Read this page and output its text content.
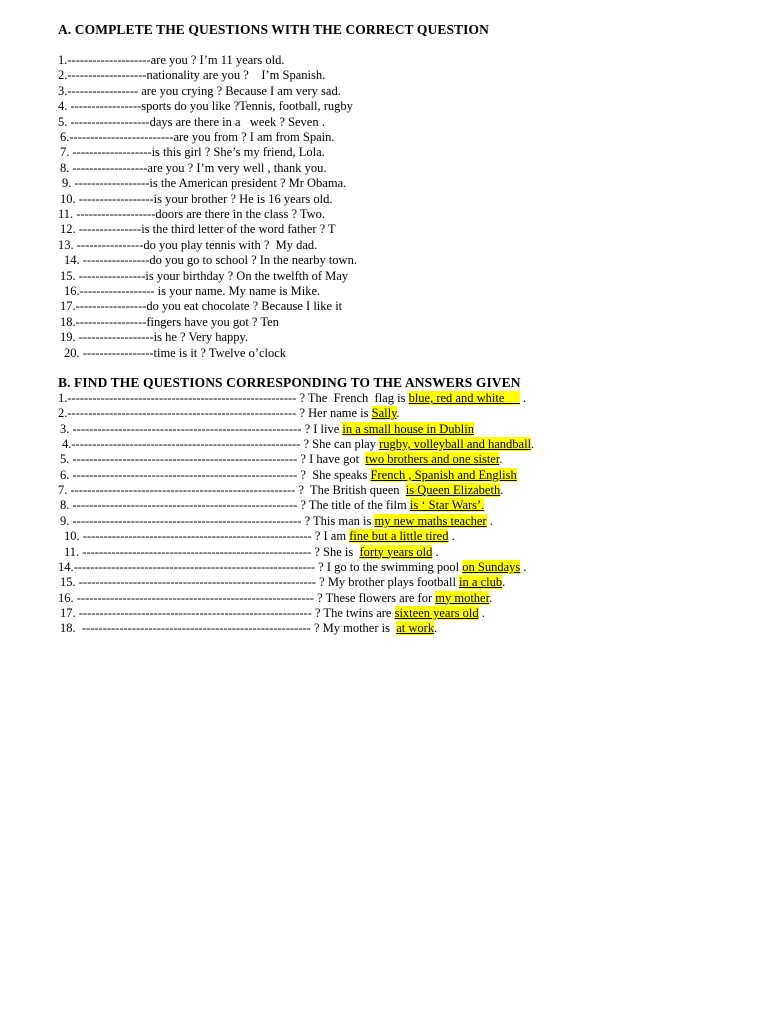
A. COMPLETE THE QUESTIONS WITH THE CORRECT QUESTION
1.--------------------are you ? I’m 11 years old.
2.-------------------nationality are you ?    I’m Spanish.
3.----------------- are you crying ? Because I am very sad.
4. -----------------sports do you like ?Tennis, football, rugby
5. -------------------days are there in a   week ? Seven .
6.-------------------------are you from ? I am from Spain.
7. -------------------is this girl ? She’s my friend, Lola.
8. ------------------are you ? I’m very well , thank you.
9. ------------------is the American president ? Mr Obama.
10. ------------------is your brother ? He is 16 years old.
11. -------------------doors are there in the class ? Two.
12. ---------------is the third letter of the word father ? T
13. ----------------do you play tennis with ?  My dad.
14. ----------------do you go to school ? In the nearby town.
15. ----------------is your birthday ? On the twelfth of May
16.------------------ is your name. My name is Mike.
17.-----------------do you eat chocolate ? Because I like it
18.-----------------fingers have you got ? Ten
19. ------------------is he ? Very happy.
20. -----------------time is it ? Twelve o’clock
B. FIND THE QUESTIONS CORRESPONDING TO THE ANSWERS GIVEN
1.------------------------------------------------------- ? The  French  flag is blue, red and white      .
2.------------------------------------------------------- ? Her name is Sally.
3. ------------------------------------------------------- ? I live in a small house in Dublin
4.------------------------------------------------------- ? She can play rugby, volleyball and handball.
5. ------------------------------------------------------ ? I have got  two brothers and one sister.
6. ------------------------------------------------------ ?  She speaks French , Spanish and English
7. ------------------------------------------------------ ?  The British queen  is Queen Elizabeth.
8. ------------------------------------------------------ ? The title of the film is ‘ Star Wars’.
9. ------------------------------------------------------- ? This man is my new maths teacher .
10. ------------------------------------------------------- ? I am fine but a little tired .
11. ------------------------------------------------------- ? She is  forty years old .
14.---------------------------------------------------------- ? I go to the swimming pool on Sundays .
15. --------------------------------------------------------- ? My brother plays football in a club.
16. --------------------------------------------------------- ? These flowers are for my mother.
17. -------------------------------------------------------- ? The twins are sixteen years old .
18.  ------------------------------------------------------- ? My mother is  at work.
